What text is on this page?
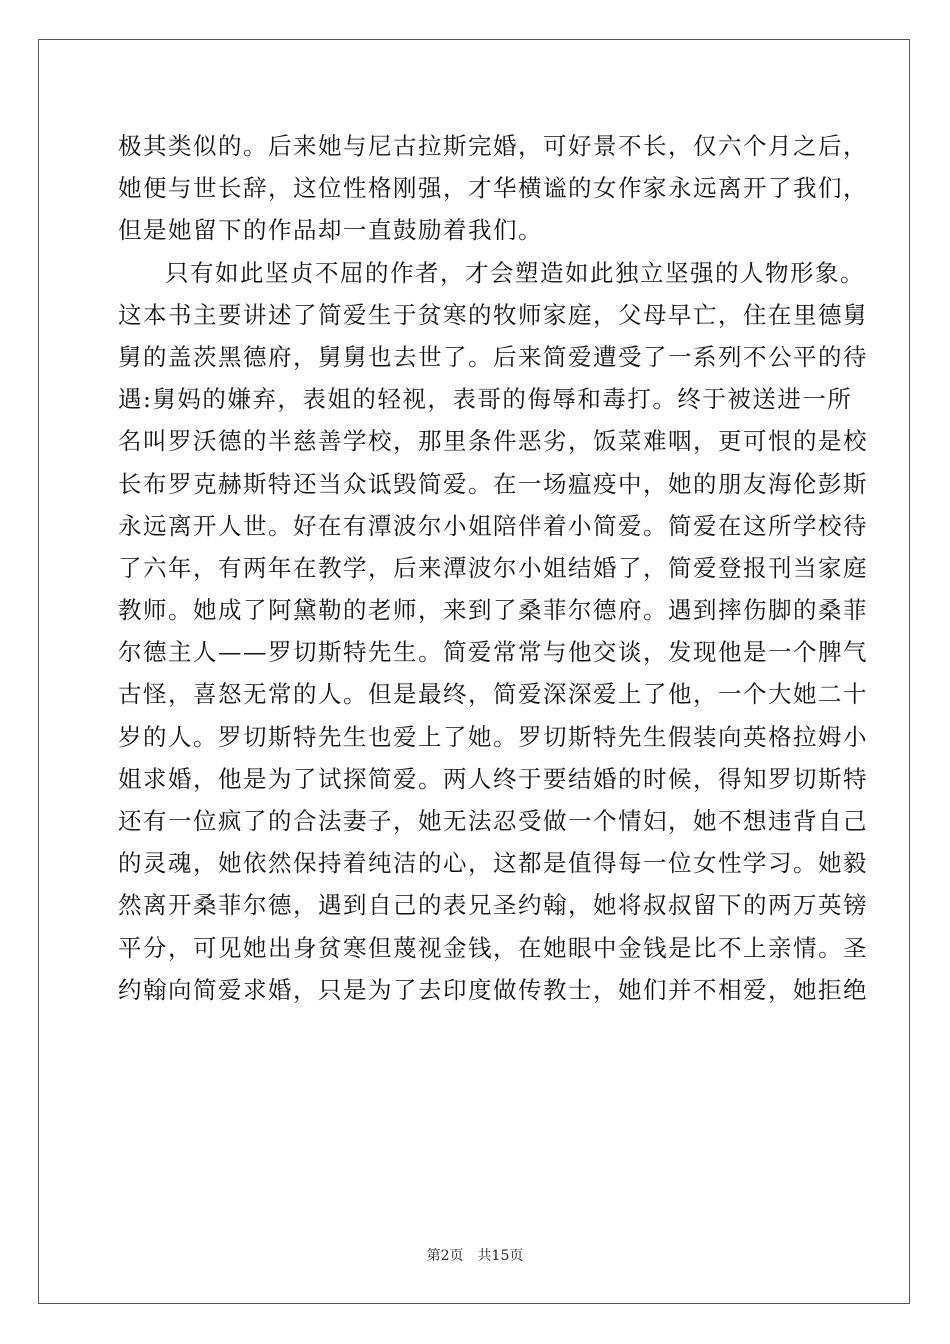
极其类似的。后来她与尼古拉斯完婚，可好景不长，仅六个月之后，
她便与世长辞，这位性格刚强，才华横谧的女作家永远离开了我们，
但是她留下的作品却一直鼓励着我们。
只有如此坚贞不屈的作者，才会塑造如此独立坚强的人物形象。
这本书主要讲述了简爱生于贫寒的牧师家庭，父母早亡，住在里德舅
舅的盖茨黑德府，舅舅也去世了。后来简爱遭受了一系列不公平的待
遇:舅妈的嫌弃，表姐的轻视，表哥的侮辱和毒打。终于被送进一所
名叫罗沃德的半慈善学校，那里条件恶劣，饭菜难咽，更可恨的是校
长布罗克赫斯特还当众诋毁简爱。在一场瘟疫中，她的朋友海伦彭斯
永远离开人世。好在有潭波尔小姐陪伴着小简爱。简爱在这所学校待
了六年，有两年在教学，后来潭波尔小姐结婚了，简爱登报刊当家庭
教师。她成了阿黛勒的老师，来到了桑菲尔德府。遇到摔伤脚的桑菲
尔德主人——罗切斯特先生。简爱常常与他交谈，发现他是一个脾气
古怪，喜怒无常的人。但是最终，简爱深深爱上了他，一个大她二十
岁的人。罗切斯特先生也爱上了她。罗切斯特先生假装向英格拉姆小
姐求婚，他是为了试探简爱。两人终于要结婚的时候，得知罗切斯特
还有一位疯了的合法妻子，她无法忍受做一个情妇，她不想违背自己
的灵魂，她依然保持着纯洁的心，这都是值得每一位女性学习。她毅
然离开桑菲尔德，遇到自己的表兄圣约翰，她将叔叔留下的两万英镑
平分，可见她出身贫寒但蔑视金钱，在她眼中金钱是比不上亲情。圣
约翰向简爱求婚，只是为了去印度做传教士，她们并不相爱，她拒绝
第2页　共15页
